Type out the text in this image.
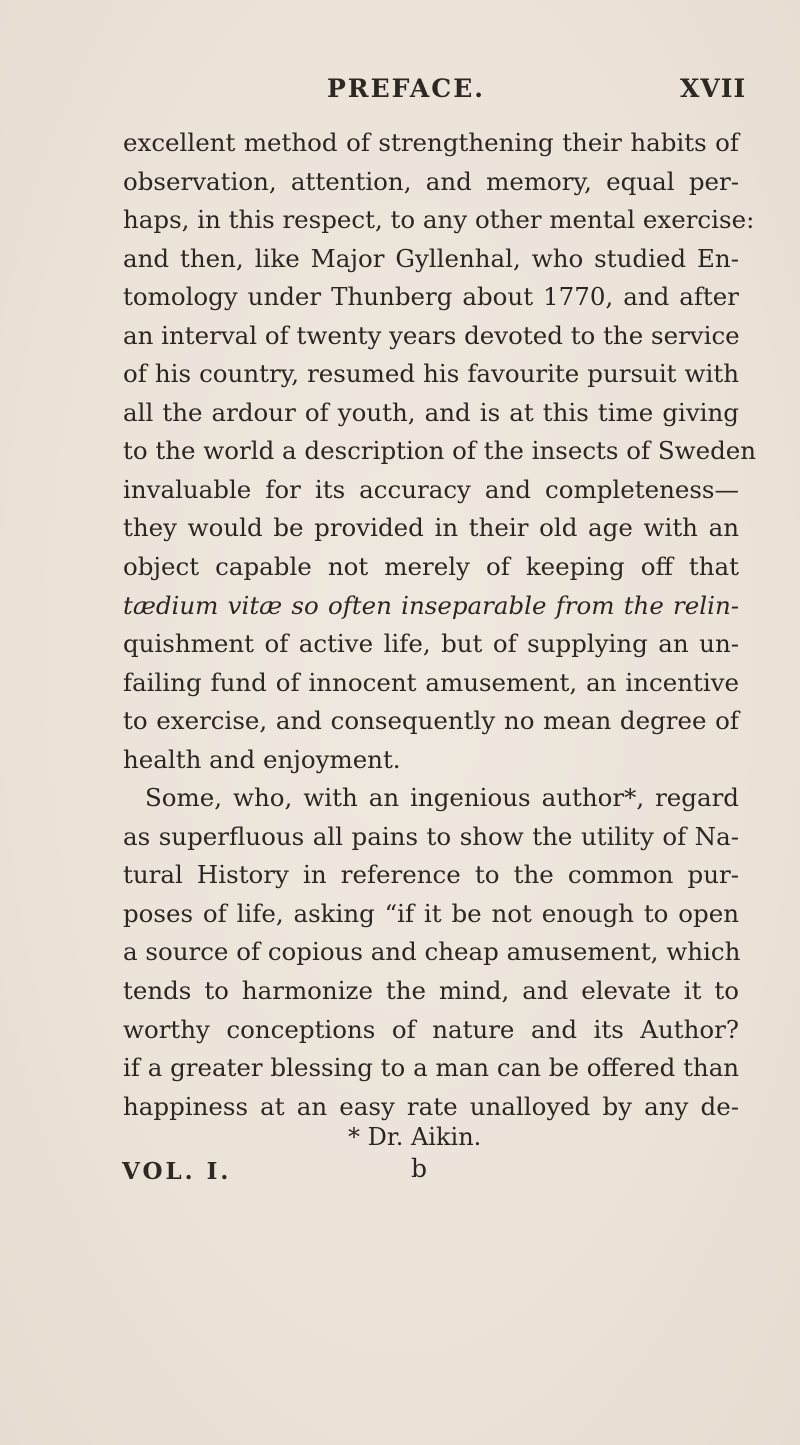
PREFACE.	XVII
excellent method of strengthening their habits of
observation, attention, and memory, equal per-
haps, in this respect, to any other mental exercise:
and then, like Major Gyllenhal, who studied En-
tomology under Thunberg about 1770, and after
an interval of twenty years devoted to the service
of his country, resumed his favourite pursuit with
all the ardour of youth, and is at this time giving
to the world a description of the insects of Sweden
invaluable for its accuracy and completeness—
they would be provided in their old age with an
object capable not merely of keeping off that
tædium vitæ so often inseparable from the relin-
quishment of active life, but of supplying an un-
failing fund of innocent amusement, an incentive
to exercise, and consequently no mean degree of
health and enjoyment.
Some, who, with an ingenious author*, regard
as superfluous all pains to show the utility of Na-
tural History in reference to the common pur-
poses of life, asking “if it be not enough to open
a source of copious and cheap amusement, which
tends to harmonize the mind, and elevate it to
worthy conceptions of nature and its Author?
if a greater blessing to a man can be offered than
happiness at an easy rate unalloyed by any de-
* Dr. Aikin.
VOL. I.	b
